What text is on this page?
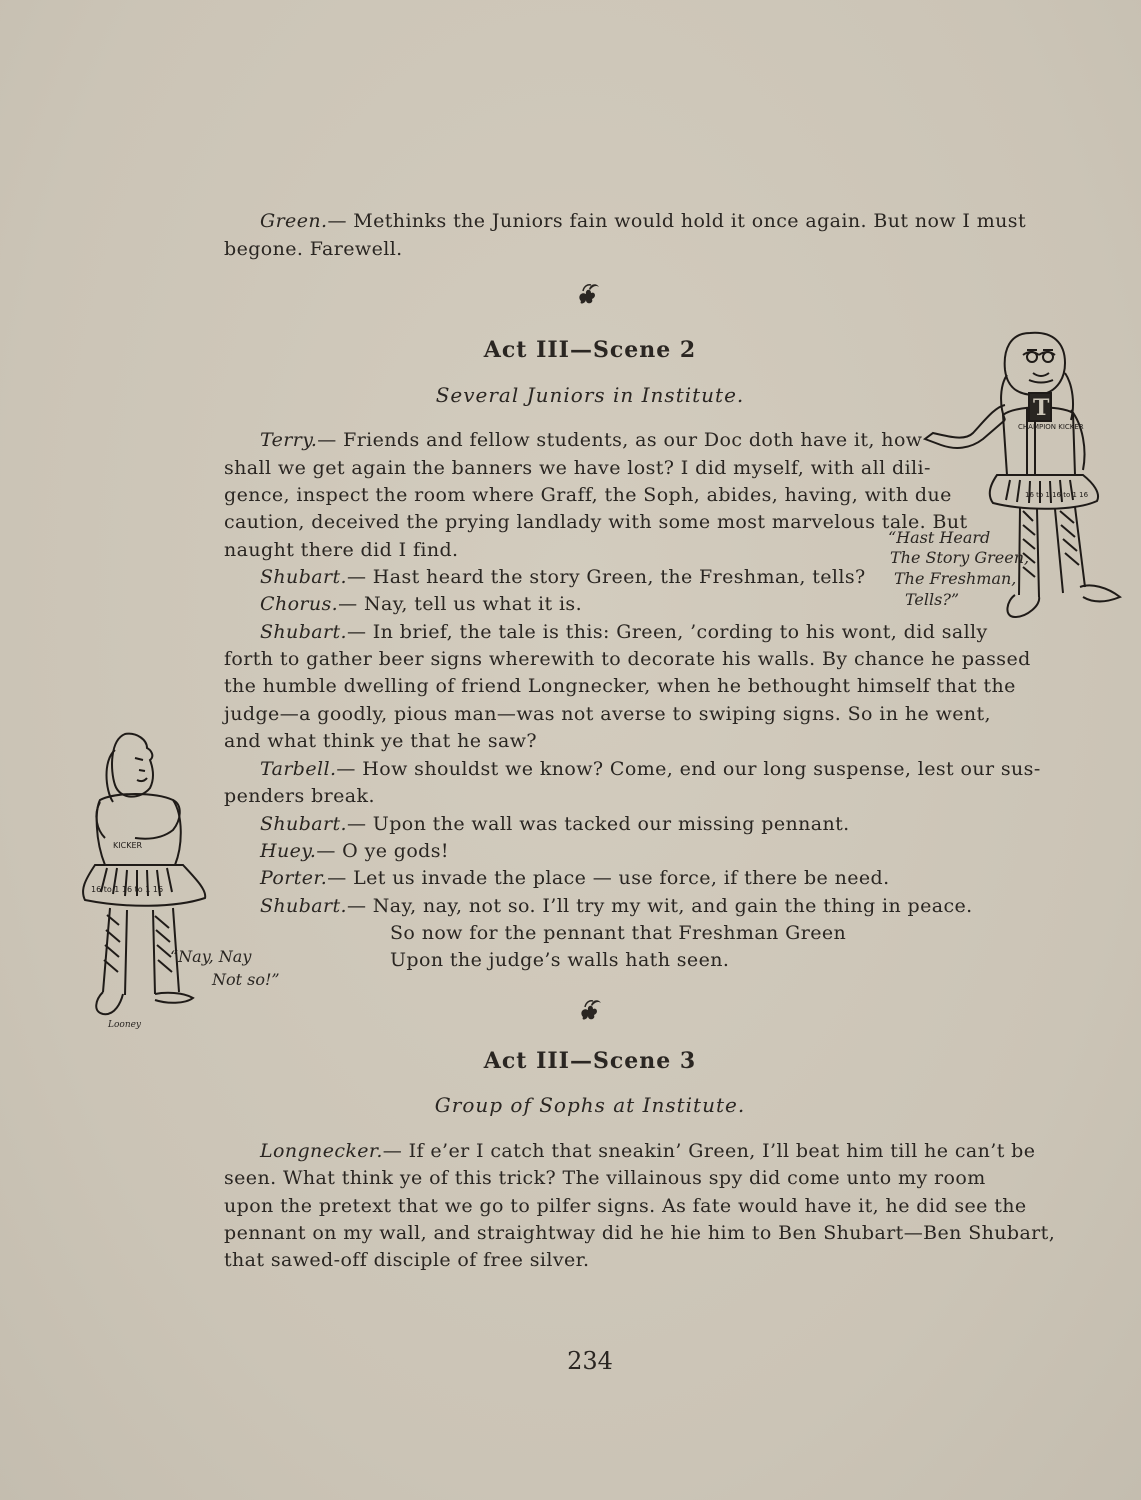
Green.— Methinks the Juniors fain would hold it once again. But now I must
begone. Farewell.
Act III—Scene 2
Several Juniors in Institute.
Terry.— Friends and fellow students, as our Doc doth have it, how
shall we get again the banners we have lost? I did myself, with all dili-
gence, inspect the room where Graff, the Soph, abides, having, with due
caution, deceived the prying landlady with some most marvelous tale. But
naught there did I find.
Shubart.— Hast heard the story Green, the Freshman, tells?
Chorus.— Nay, tell us what it is.
Shubart.— In brief, the tale is this: Green, ’cording to his wont, did sally
forth to gather beer signs wherewith to decorate his walls. By chance he passed
the humble dwelling of friend Longnecker, when he bethought himself that the
judge—a goodly, pious man—was not averse to swiping signs. So in he went,
and what think ye that he saw?
Tarbell.— How shouldst we know? Come, end our long suspense, lest our sus-
penders break.
Shubart.— Upon the wall was tacked our missing pennant.
Huey.— O ye gods!
Porter.— Let us invade the place — use force, if there be need.
Shubart.— Nay, nay, not so. I’ll try my wit, and gain the thing in peace.
So now for the pennant that Freshman Green
Upon the judge’s walls hath seen.
Act III—Scene 3
Group of Sophs at Institute.
Longnecker.— If e’er I catch that sneakin’ Green, I’ll beat him till he can’t be
seen. What think ye of this trick? The villainous spy did come unto my room
upon the pretext that we go to pilfer signs. As fate would have it, he did see the
pennant on my wall, and straightway did he hie him to Ben Shubart—Ben Shubart,
that sawed-off disciple of free silver.
CHAMPION KICKER
16 to 1 16 to 1 16
T
“Hast Heard
The Story Green,
The Freshman,
Tells?”
KICKER
16 to 1 16 to 1 16
“Nay, Nay
Not so!”
Looney
234
